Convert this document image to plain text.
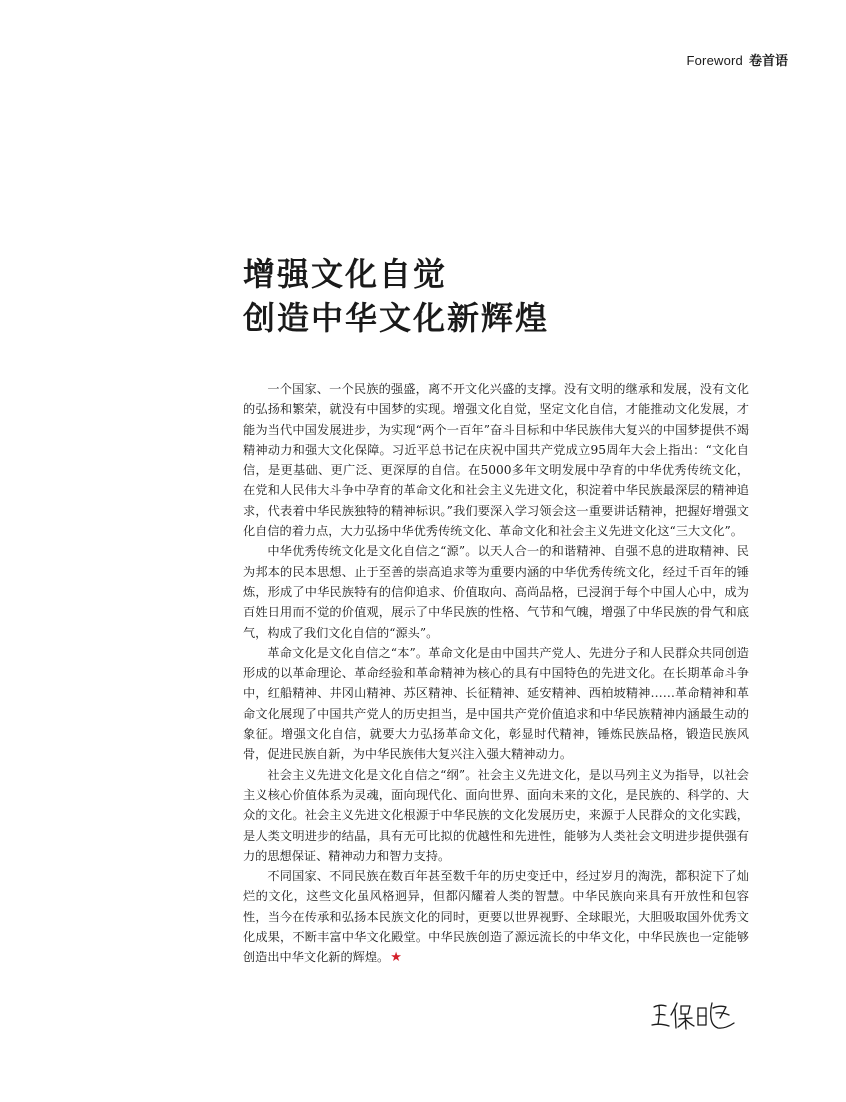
Foreword 卷首语
增强文化自觉
创造中华文化新辉煌

一个国家、一个民族的强盛，离不开文化兴盛的支撑。没有文明的继承和发展，没有文化的弘扬和繁荣，就没有中国梦的实现。增强文化自觉，坚定文化自信，才能推动文化发展，才能为当代中国发展进步，为实现“两个一百年”奋斗目标和中华民族伟大复兴的中国梦提供不竭精神动力和强大文化保障。习近平总书记在庆祝中国共产党成立95周年大会上指出：“文化自信，是更基础、更广泛、更深厚的自信。在5000多年文明发展中孕育的中华优秀传统文化，在党和人民伟大斗争中孕育的革命文化和社会主义先进文化，积淀着中华民族最深层的精神追求，代表着中华民族独特的精神标识。”我们要深入学习领会这一重要讲话精神，把握好增强文化自信的着力点，大力弘扬中华优秀传统文化、革命文化和社会主义先进文化这“三大文化”。

中华优秀传统文化是文化自信之“源”。以天人合一的和谐精神、自强不息的进取精神、民为邦本的民本思想、止于至善的崇高追求等为重要内涵的中华优秀传统文化，经过千百年的锤炼，形成了中华民族特有的信仰追求、价值取向、高尚品格，已浸润于每个中国人心中，成为百姓日用而不觉的价值观，展示了中华民族的性格、气节和气魄，增强了中华民族的骨气和底气，构成了我们文化自信的“源头”。

革命文化是文化自信之“本”。革命文化是由中国共产党人、先进分子和人民群众共同创造形成的以革命理论、革命经验和革命精神为核心的具有中国特色的先进文化。在长期革命斗争中，红船精神、井冈山精神、苏区精神、长征精神、延安精神、西柏坡精神……革命精神和革命文化展现了中国共产党人的历史担当，是中国共产党价值追求和中华民族精神内涵最生动的象征。增强文化自信，就要大力弘扬革命文化，彰显时代精神，锤炼民族品格，锻造民族风骨，促进民族自新，为中华民族伟大复兴注入强大精神动力。

社会主义先进文化是文化自信之“纲”。社会主义先进文化，是以马列主义为指导，以社会主义核心价值体系为灵魂，面向现代化、面向世界、面向未来的文化，是民族的、科学的、大众的文化。社会主义先进文化根源于中华民族的文化发展历史，来源于人民群众的文化实践，是人类文明进步的结晶，具有无可比拟的优越性和先进性，能够为人类社会文明进步提供强有力的思想保证、精神动力和智力支持。

不同国家、不同民族在数百年甚至数千年的历史变迁中，经过岁月的淘洗，都积淀下了灿烂的文化，这些文化虽风格迥异，但都闪耀着人类的智慧。中华民族向来具有开放性和包容性，当今在传承和弘扬本民族文化的同时，更要以世界视野、全球眼光，大胆吸取国外优秀文化成果，不断丰富中华文化殿堂。中华民族创造了源远流长的中华文化，中华民族也一定能够创造出中华文化新的辉煌。★
